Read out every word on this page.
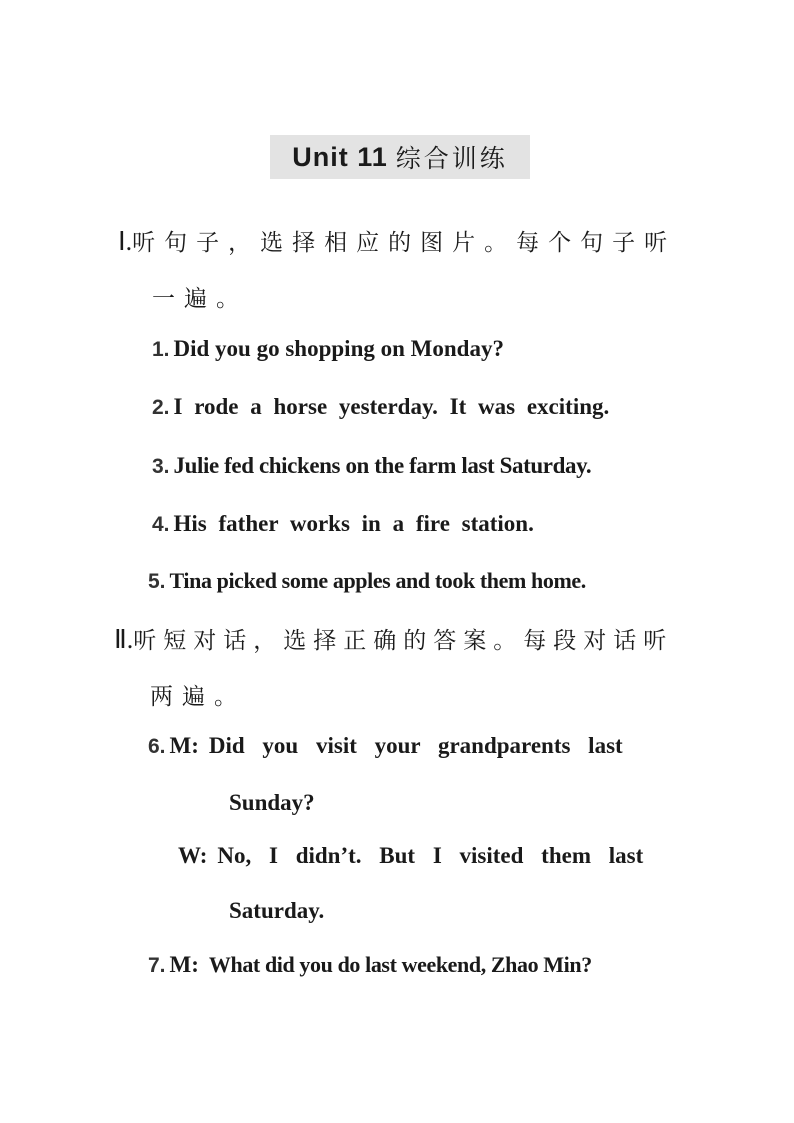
Unit 11 综合训练
Ⅰ.听句子，选择相应的图片。每个句子听
一遍。
1. Did you go shopping on Monday?
2. I rode a horse yesterday. It was exciting.
3. Julie fed chickens on the farm last Saturday.
4. His father works in a fire station.
5. Tina picked some apples and took them home.
Ⅱ.听短对话，选择正确的答案。每段对话听
两遍。
6. M: Did you visit your grandparents last
Sunday?
W: No, I didn’t. But I visited them last
Saturday.
7. M: What did you do last weekend, Zhao Min?
